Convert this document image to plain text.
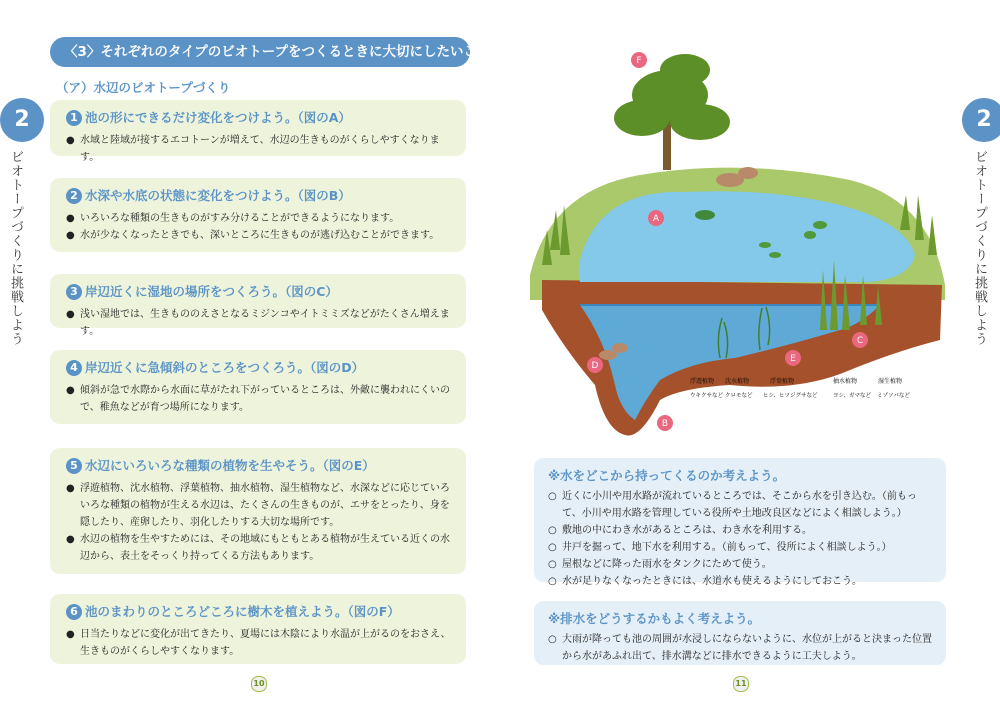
〈3〉それぞれのタイプのビオトープをつくるときに大切にしたいこと
（ア）水辺のビオトープづくり
2
ビオトープづくりに挑戦しよう
1 池の形にできるだけ変化をつけよう。（図のA）
● 水域と陸域が接するエコトーンが増えて、水辺の生きものがくらしやすくなります。
2 水深や水底の状態に変化をつけよう。（図のB）
● いろいろな種類の生きものがすみ分けることができるようになります。
● 水が少なくなったときでも、深いところに生きものが逃げ込むことができます。
3 岸辺近くに湿地の場所をつくろう。（図のC）
● 浅い湿地では、生きもののえさとなるミジンコやイトミミズなどがたくさん増えます。
4 岸辺近くに急傾斜のところをつくろう。（図のD）
● 傾斜が急で水際から水面に草がたれ下がっているところは、外敵に襲われにくいので、稚魚などが育つ場所になります。
5 水辺にいろいろな種類の植物を生やそう。（図のE）
● 浮遊植物、沈水植物、浮葉植物、抽水植物、湿生植物など、水深などに応じていろいろな種類の植物が生える水辺は、たくさんの生きものが、エサをとったり、身を隠したり、産卵したり、羽化したりする大切な場所です。
● 水辺の植物を生やすためには、その地域にもともとある植物が生えている近くの水辺から、表土をそっくり持ってくる方法もあります。
6 池のまわりのところどころに樹木を植えよう。（図のF）
● 日当たりなどに変化が出てきたり、夏場には木陰により水温が上がるのをおさえ、生きものがくらしやすくなります。
10
浮遊植物 沈水植物	浮葉植物	抽水植物	湿生植物
ウキクサなど クロモなど ヒシ、ヒツジグサなど	ヨシ、ガマなど ミゾソバなど
A
B
C
D
E
F
2
ビオトープづくりに挑戦しよう
※水をどこから持ってくるのか考えよう。
○ 近くに小川や用水路が流れているところでは、そこから水を引き込む。（前もって、小川や用水路を管理している役所や土地改良区などによく相談しよう。）
○ 敷地の中にわき水があるところは、わき水を利用する。
○ 井戸を掘って、地下水を利用する。（前もって、役所によく相談しよう。）
○ 屋根などに降った雨水をタンクにためて使う。
○ 水が足りなくなったときには、水道水も使えるようにしておこう。
※排水をどうするかもよく考えよう。
○ 大雨が降っても池の周囲が水浸しにならないように、水位が上がると決まった位置から水があふれ出て、排水溝などに排水できるように工夫しよう。
11
